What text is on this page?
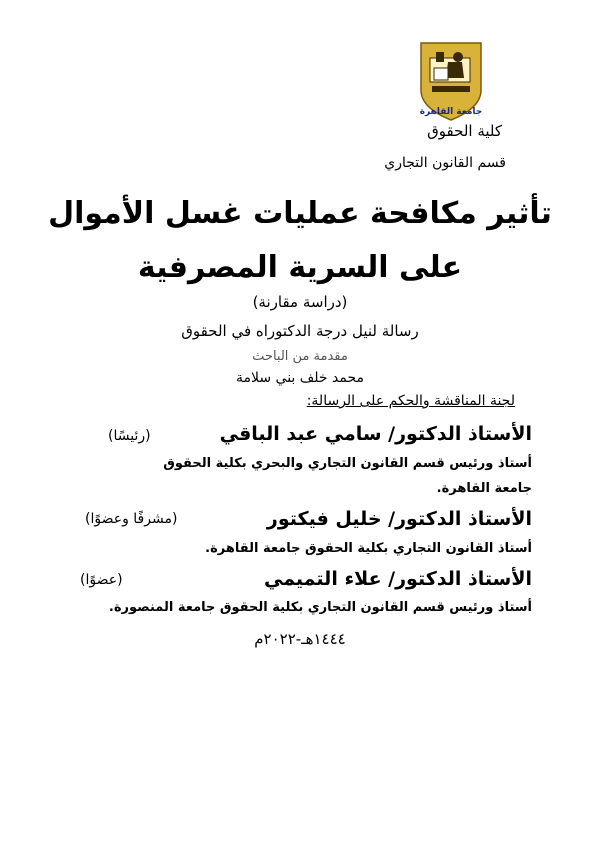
جامعة القاهرة
كلية الحقوق
قسم القانون التجاري
تأثير مكافحة عمليات غسل الأموال
على السرية المصرفية
(دراسة مقارنة)
رسالة لنيل درجة الدكتوراه في الحقوق
مقدمة من الباحث
محمد خلف بني سلامة
لجنة المناقشة والحكم على الرسالة:
الأستاذ الدكتور/ سامي عبد الباقي
(رئيسًا)
أستاذ ورئيس قسم القانون التجاري والبحري بكلية الحقوق
جامعة القاهرة.
الأستاذ الدكتور/ خليل فيكتور
(مشرفًا وعضوًا)
أستاذ القانون التجاري بكلية الحقوق جامعة القاهرة.
الأستاذ الدكتور/ علاء التميمي
(عضوًا)
أستاذ ورئيس قسم القانون التجاري بكلية الحقوق جامعة المنصورة.
١٤٤٤هـ-٢٠٢٢م
